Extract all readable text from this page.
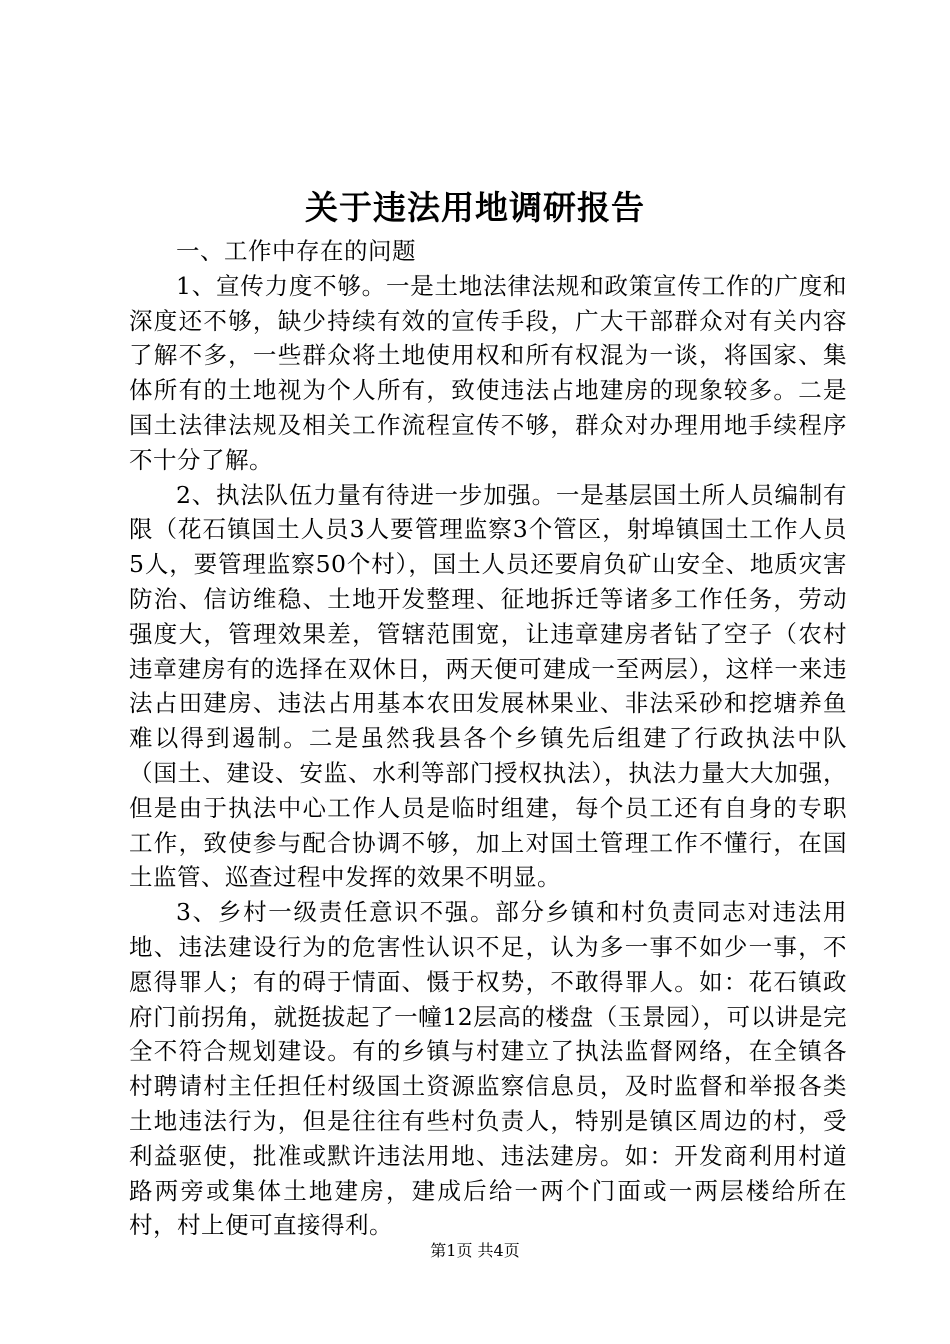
关于违法用地调研报告

一、工作中存在的问题

1、宣传力度不够。一是土地法律法规和政策宣传工作的广度和深度还不够，缺少持续有效的宣传手段，广大干部群众对有关内容了解不多，一些群众将土地使用权和所有权混为一谈，将国家、集体所有的土地视为个人所有，致使违法占地建房的现象较多。二是国土法律法规及相关工作流程宣传不够，群众对办理用地手续程序不十分了解。

2、执法队伍力量有待进一步加强。一是基层国土所人员编制有限（花石镇国土人员3人要管理监察3个管区，射埠镇国土工作人员5人，要管理监察50个村），国土人员还要肩负矿山安全、地质灾害防治、信访维稳、土地开发整理、征地拆迁等诸多工作任务，劳动强度大，管理效果差，管辖范围宽，让违章建房者钻了空子（农村违章建房有的选择在双休日，两天便可建成一至两层），这样一来违法占田建房、违法占用基本农田发展林果业、非法采砂和挖塘养鱼难以得到遏制。二是虽然我县各个乡镇先后组建了行政执法中队（国土、建设、安监、水利等部门授权执法），执法力量大大加强，但是由于执法中心工作人员是临时组建，每个员工还有自身的专职工作，致使参与配合协调不够，加上对国土管理工作不懂行，在国土监管、巡查过程中发挥的效果不明显。

3、乡村一级责任意识不强。部分乡镇和村负责同志对违法用地、违法建设行为的危害性认识不足，认为多一事不如少一事，不愿得罪人；有的碍于情面、慑于权势，不敢得罪人。如：花石镇政府门前拐角，就挺拔起了一幢12层高的楼盘（玉景园），可以讲是完全不符合规划建设。有的乡镇与村建立了执法监督网络，在全镇各村聘请村主任担任村级国土资源监察信息员，及时监督和举报各类土地违法行为，但是往往有些村负责人，特别是镇区周边的村，受利益驱使，批准或默许违法用地、违法建房。如：开发商利用村道路两旁或集体土地建房，建成后给一两个门面或一两层楼给所在村，村上便可直接得利。

第1页 共4页
